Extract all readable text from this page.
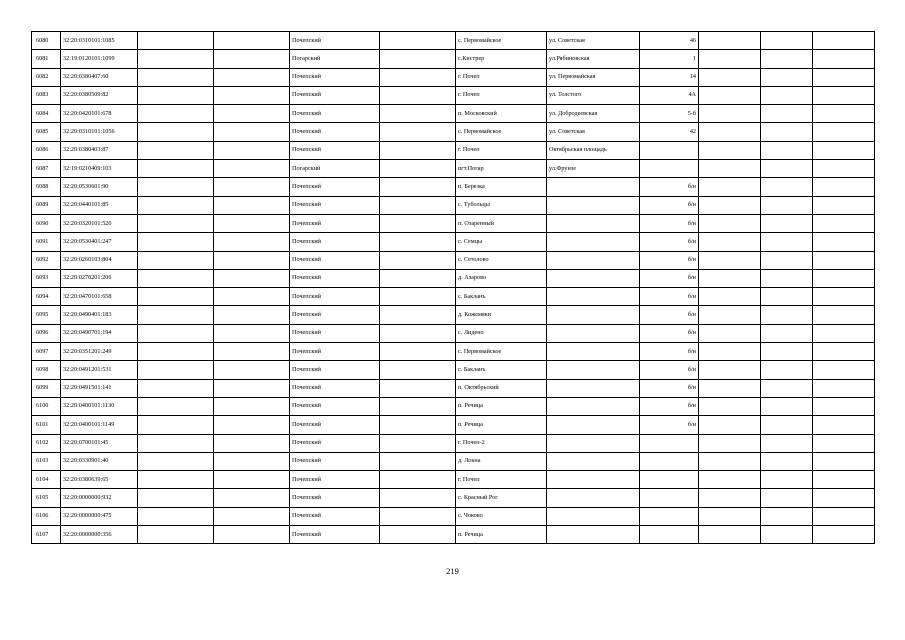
6080	32:20:0310101:1085			Почепский		с. Первомайское	ул. Советская	46			
6081	32:19:0120101:1099			Погарский		с.Кистрер	ул.Рябиновская	1			
6082	32:20:0380407:60			Почепский		г. Почеп	ул. Первомайская	14			
6083	32:20:0380509:82			Почепский		г. Почеп	ул. Толстого	4А			
6084	32:20:0420101:678			Почепский		п. Московский	ул. Добродеевская	5-б			
6085	32:20:0310101:1056			Почепский		с. Первомайское	ул. Советская	42			
6086	32:20:0380403:87			Почепский		г. Почеп	Октябрьская площадь				
6087	32:19:0210409:103			Погарский		пгт.Погар	ул.Фрунзе				
6088	32:20:0530601:90			Почепский		п. Березка		б/н			
6089	32:20:0440101:85			Почепский		с. Тубольцы		б/н			
6090	32:20:0320101:520			Почепский		п. Озаренный		б/н			
6091	32:20:0530401:247			Почепский		с. Семцы		б/н			
6092	32:20:0260103:804			Почепский		с. Сетолово		б/н			
6093	32:20:0270201:206			Почепский		д. Азарово		б/н			
6094	32:20:0470101:658			Почепский		с. Бакланъ		б/н			
6095	32:20:0490401:183			Почепский		д. Кожемяки		б/н			
6096	32:20:0490701:194			Почепский		с. Лидено		б/н			
6097	32:20:0351201:249			Почепский		с. Первомайское		б/н			
6098	32:20:0491201:531			Почепский		с. Бакланъ		б/н			
6099	32:20:0491501:141			Почепский		п. Октябрьский		б/н			
6100	32:20:0400101:1130			Почепский		п. Речица		б/н			
6101	32:20:0400101:1149			Почепский		п. Речица		б/н			
6102	32:20:0700101:45			Почепский		г. Почеп-2					
6103	32:20:0330901:40			Почепский		д. Локна					
6104	32:20:0380639:65			Почепский		г. Почеп					
6105	32:20:0000000:932			Почепский		с. Красный Рог					
6106	32:20:0000000:475			Почепский		с. Чоково					
6107	32:20:0000000:356			Почепский		п. Речица					
219
